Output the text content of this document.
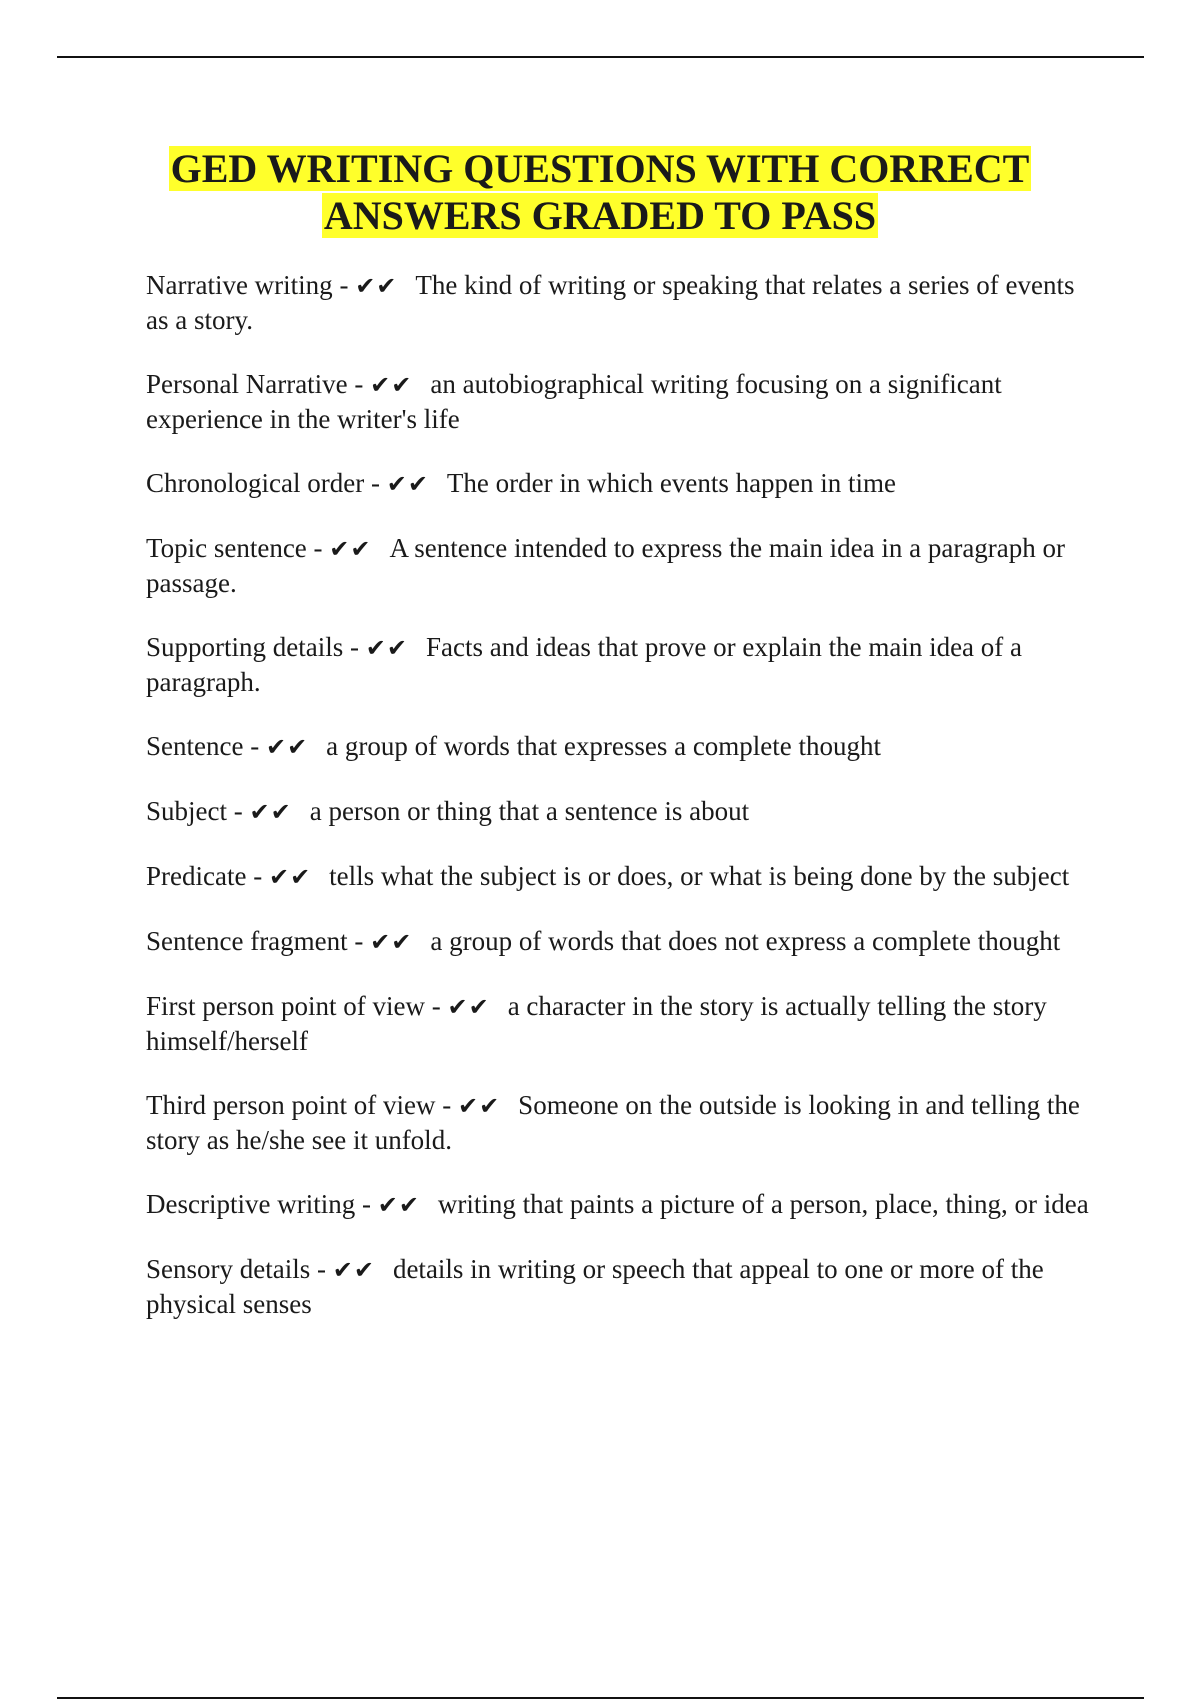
GED WRITING QUESTIONS WITH CORRECT
ANSWERS GRADED TO PASS
Narrative writing - ✔✔ The kind of writing or speaking that relates a series of events as a story.
Personal Narrative - ✔✔ an autobiographical writing focusing on a significant experience in the writer's life
Chronological order - ✔✔ The order in which events happen in time
Topic sentence - ✔✔ A sentence intended to express the main idea in a paragraph or passage.
Supporting details - ✔✔ Facts and ideas that prove or explain the main idea of a paragraph.
Sentence - ✔✔ a group of words that expresses a complete thought
Subject - ✔✔ a person or thing that a sentence is about
Predicate - ✔✔ tells what the subject is or does, or what is being done by the subject
Sentence fragment - ✔✔ a group of words that does not express a complete thought
First person point of view - ✔✔ a character in the story is actually telling the story himself/herself
Third person point of view - ✔✔ Someone on the outside is looking in and telling the story as he/she see it unfold.
Descriptive writing - ✔✔ writing that paints a picture of a person, place, thing, or idea
Sensory details - ✔✔ details in writing or speech that appeal to one or more of the physical senses
